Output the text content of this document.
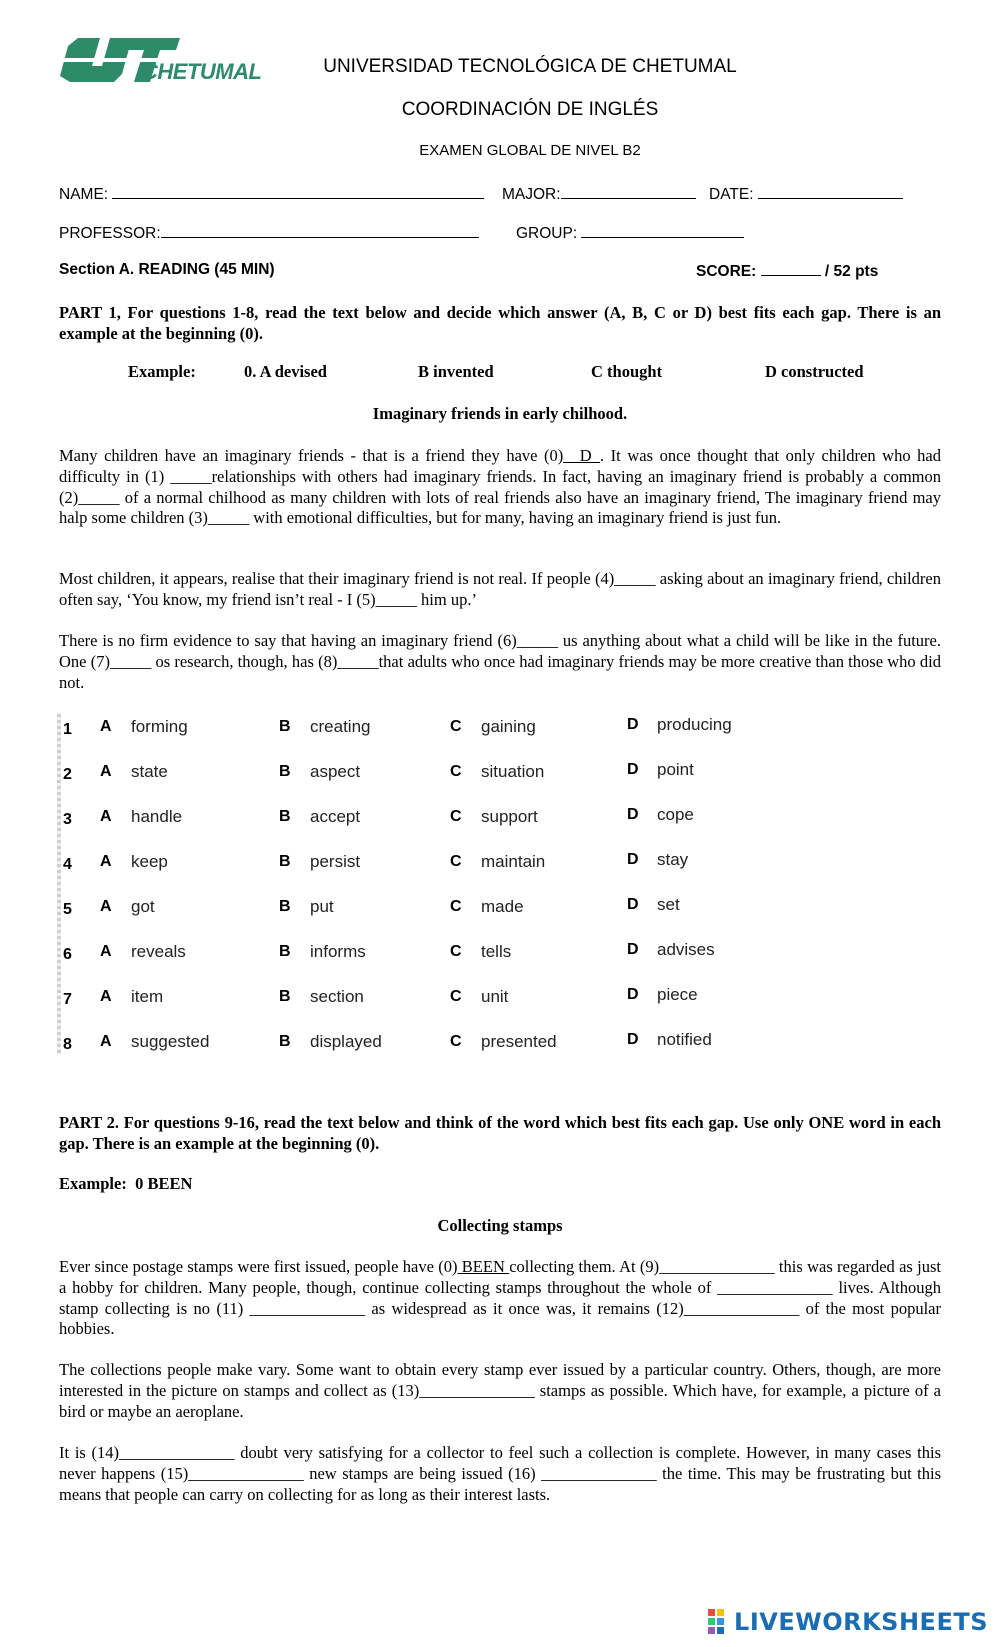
CHETUMAL	UNIVERSIDAD TECNOLÓGICA DE CHETUMAL
COORDINACIÓN DE INGLÉS
EXAMEN GLOBAL DE NIVEL B2
NAME:	MAJOR:	DATE:
PROFESSOR:	GROUP:
Section A. READING (45 MIN)	SCORE:	/ 52 pts
PART 1, For questions 1-8, read the text below and decide which answer (A, B, C or D) best fits each gap. There is an example at the beginning (0).
Example:	0. A devised	B invented	C thought	D constructed
Imaginary friends in early chilhood.
Many children have an imaginary friends - that is a friend they have (0)__D_. It was once thought that only children who had difficulty in (1) _____relationships with others had imaginary friends. In fact, having an imaginary friend is probably a common (2)_____ of a normal chilhood as many children with lots of real friends also have an imaginary friend, The imaginary friend may halp some children (3)_____ with emotional difficulties, but for many, having an imaginary friend is just fun.
Most children, it appears, realise that their imaginary friend is not real. If people (4)_____ asking about an imaginary friend, children often say, ‘You know, my friend isn’t real - I (5)_____ him up.’
There is no firm evidence to say that having an imaginary friend (6)_____ us anything about what a child will be like in the future. One (7)_____ os research, though, has (8)_____that adults who once had imaginary friends may be more creative than those who did not.
1 A forming	B creating	C gaining	D producing
2 A state	B aspect	C situation	D point
3 A handle	B accept	C support	D cope
4 A keep	B persist	C maintain	D stay
5 A got	B put	C made	D set
6 A reveals	B informs	C tells	D advises
7 A item	B section	C unit	D piece
8 A suggested	B displayed	C presented	D notified
PART 2. For questions 9-16, read the text below and think of the word which best fits each gap. Use only ONE word in each gap. There is an example at the beginning (0).
Example:  0 BEEN
Collecting stamps
Ever since postage stamps were first issued, people have (0) BEEN collecting them. At (9)______________ this was regarded as just a hobby for children. Many people, though, continue collecting stamps throughout the whole of ______________ lives. Although stamp collecting is no (11) ______________ as widespread as it once was, it remains (12)______________ of the most popular hobbies.
The collections people make vary. Some want to obtain every stamp ever issued by a particular country. Others, though, are more interested in the picture on stamps and collect as (13)______________ stamps as possible. Which have, for example, a picture of a bird or maybe an aeroplane.
It is (14)______________ doubt very satisfying for a collector to feel such a collection is complete. However, in many cases this never happens (15)______________ new stamps are being issued (16) ______________ the time. This may be frustrating but this means that people can carry on collecting for as long as their interest lasts.
LIVEWORKSHEETS
